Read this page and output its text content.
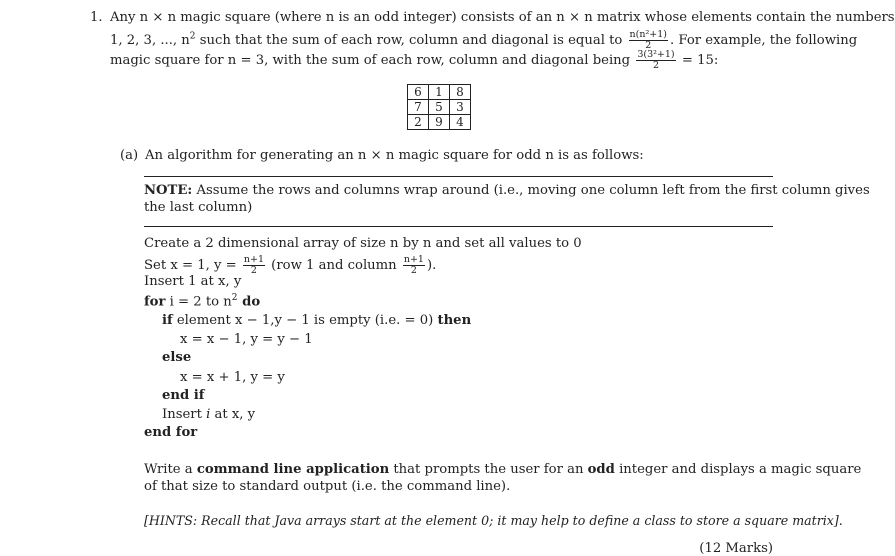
1. Any n × n magic square (where n is an odd integer) consists of an n × n matrix whose elements contain the numbers
1, 2, 3, ..., $n^2$ such that the sum of each row, column and diagonal is equal to $\frac{\text{n(n²+1)}}{2}$ . For example, the following
magic square for n = 3, with the sum of each row, column and diagonal being $\frac{\text{3(3²+1)}}{2} = 15$:
6	1	8
7	5	3
2	9	4
(a) An algorithm for generating an n × n magic square for odd n is as follows:
NOTE: Assume the rows and columns wrap around (i.e., moving one column left from the first column gives
the last column)
Create a 2 dimensional array of size n by n and set all values to 0
Set x = 1, $y = \frac{n+1}{2} (row$ 1 and column $\frac{n+1}{2}$ ).
Insert 1 at x, y
for i = 2 to $n^2$ do
if element x − 1,y − 1 is empty (i.e. = 0) then
x = x − 1, y = y − 1
else
x = x + 1, y = y
end if
Insert i at x, y
end for
Write a command line application that prompts the user for an odd integer and displays a magic square
of that size to standard output (i.e. the command line).
[HINTS: Recall that Java arrays start at the element 0; it may help to define a class to store a square matrix].
(12 Marks)
